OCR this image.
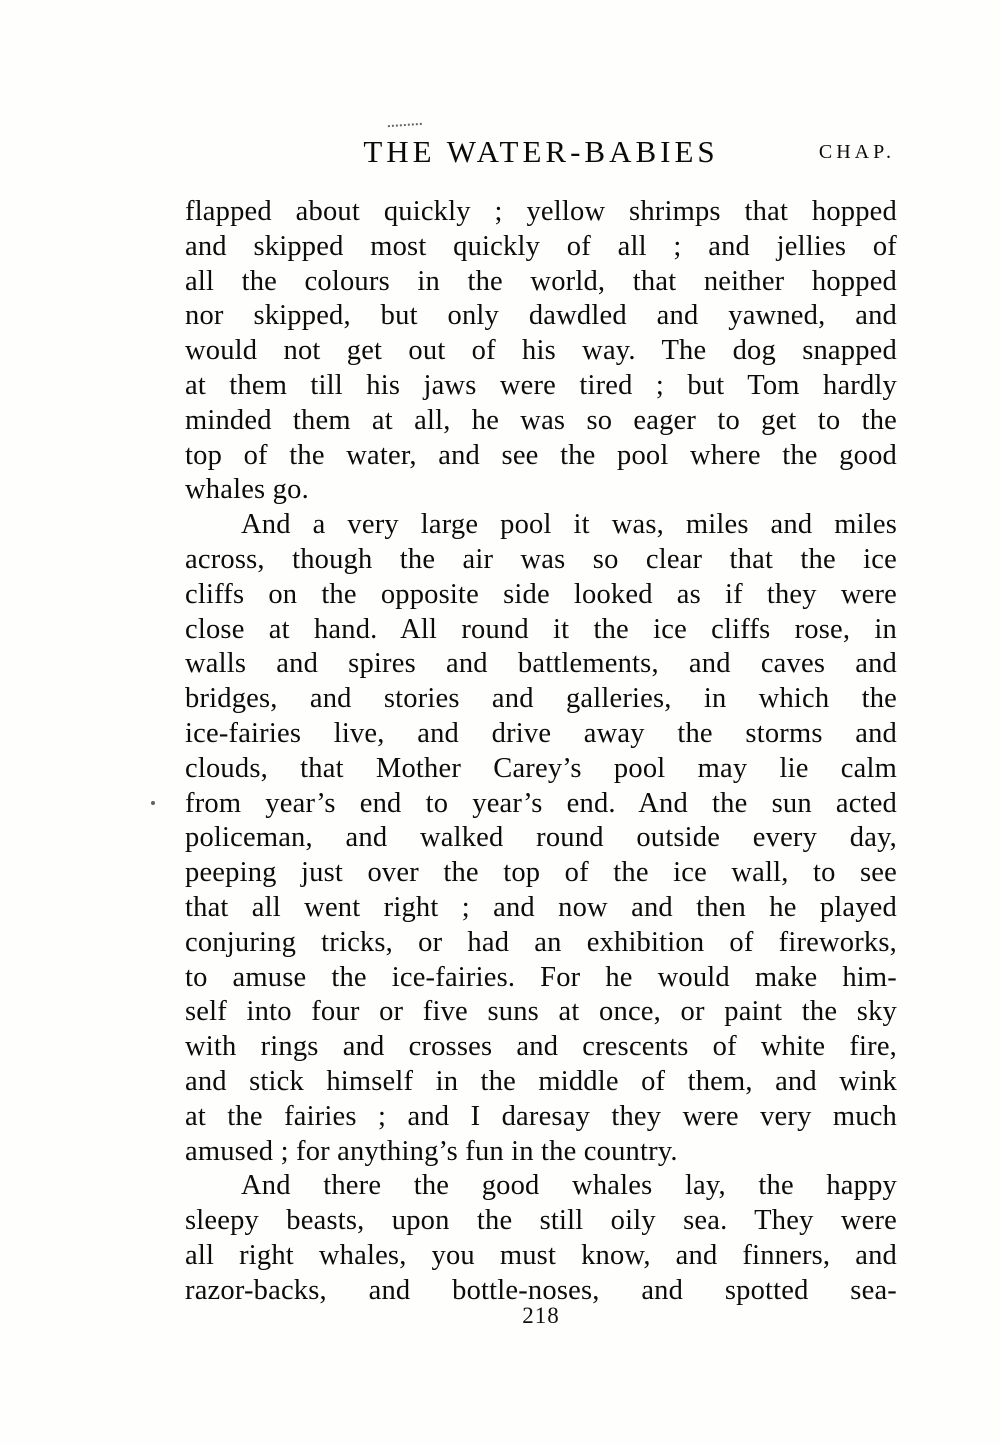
THE WATER-BABIES	CHAP.
flapped about quickly ; yellow shrimps that hopped
and skipped most quickly of all ; and jellies of
all the colours in the world, that neither hopped
nor skipped, but only dawdled and yawned, and
would not get out of his way. The dog snapped
at them till his jaws were tired ; but Tom hardly
minded them at all, he was so eager to get to the
top of the water, and see the pool where the good
whales go.
And a very large pool it was, miles and miles
across, though the air was so clear that the ice
cliffs on the opposite side looked as if they were
close at hand. All round it the ice cliffs rose, in
walls and spires and battlements, and caves and
bridges, and stories and galleries, in which the
ice-fairies live, and drive away the storms and
clouds, that Mother Carey’s pool may lie calm
from year’s end to year’s end. And the sun acted
policeman, and walked round outside every day,
peeping just over the top of the ice wall, to see
that all went right ; and now and then he played
conjuring tricks, or had an exhibition of fireworks,
to amuse the ice-fairies. For he would make him-
self into four or five suns at once, or paint the sky
with rings and crosses and crescents of white fire,
and stick himself in the middle of them, and wink
at the fairies ; and I daresay they were very much
amused ; for anything’s fun in the country.
And there the good whales lay, the happy
sleepy beasts, upon the still oily sea. They were
all right whales, you must know, and finners, and
razor-backs, and bottle-noses, and spotted sea-
218
